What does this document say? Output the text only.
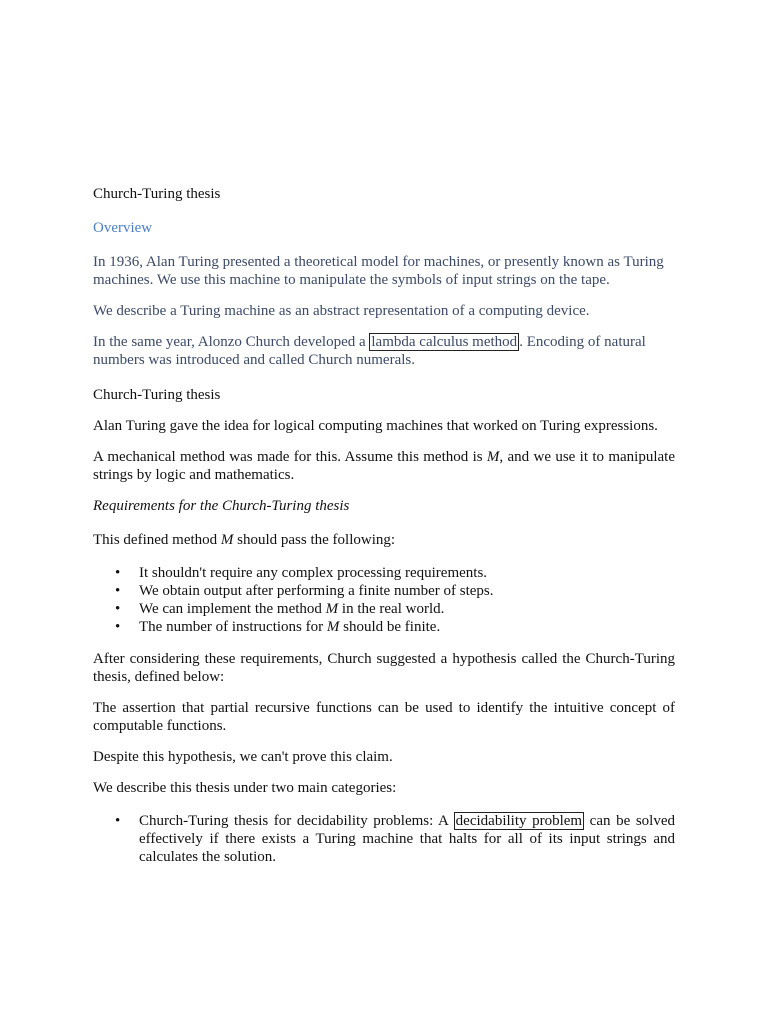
Church-Turing thesis

Overview

In 1936, Alan Turing presented a theoretical model for machines, or presently known as Turing machines. We use this machine to manipulate the symbols of input strings on the tape.

We describe a Turing machine as an abstract representation of a computing device.

In the same year, Alonzo Church developed a lambda calculus method . Encoding of natural numbers was introduced and called Church numerals.

Church-Turing thesis

Alan Turing gave the idea for logical computing machines that worked on Turing expressions.

A mechanical method was made for this. Assume this method is M, and we use it to manipulate strings by logic and mathematics.

Requirements for the Church-Turing thesis

This defined method M should pass the following:

• It shouldn't require any complex processing requirements.
• We obtain output after performing a finite number of steps.
• We can implement the method M in the real world.
• The number of instructions for M should be finite.

After considering these requirements, Church suggested a hypothesis called the Church-Turing thesis, defined below:

The assertion that partial recursive functions can be used to identify the intuitive concept of computable functions.

Despite this hypothesis, we can't prove this claim.

We describe this thesis under two main categories:

• Church-Turing thesis for decidability problems: A decidability problem can be solved effectively if there exists a Turing machine that halts for all of its input strings and calculates the solution.
